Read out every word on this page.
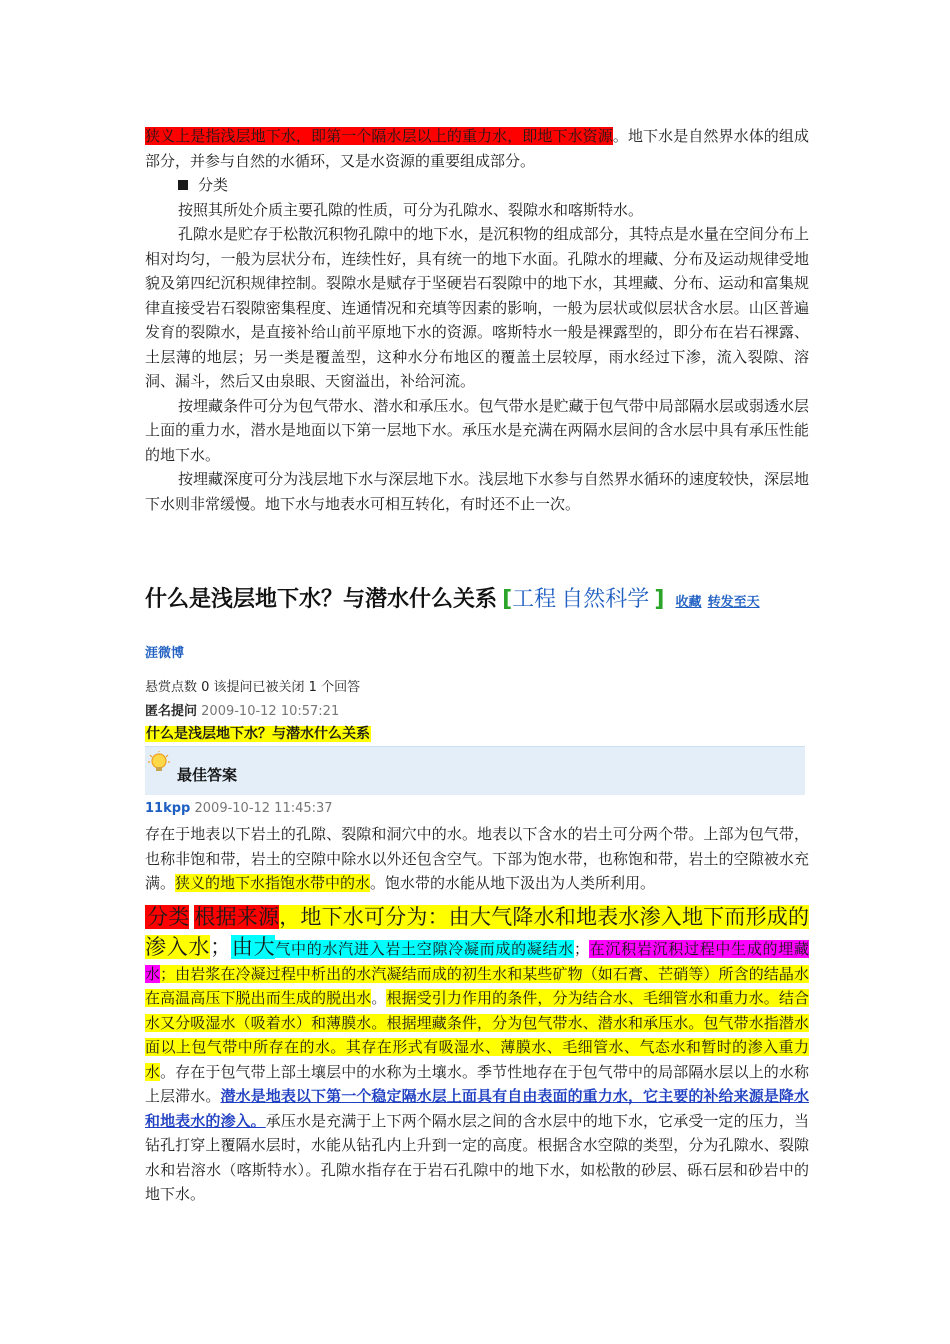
狭义上是指浅层地下水，即第一个隔水层以上的重力水，即地下水资源。地下水是自然界水体的组成部分，并参与自然的水循环，又是水资源的重要组成部分。

分类

按照其所处介质主要孔隙的性质，可分为孔隙水、裂隙水和喀斯特水。

孔隙水是贮存于松散沉积物孔隙中的地下水，是沉积物的组成部分，其特点是水量在空间分布上相对均匀，一般为层状分布，连续性好，具有统一的地下水面。孔隙水的埋藏、分布及运动规律受地貌及第四纪沉积规律控制。裂隙水是赋存于坚硬岩石裂隙中的地下水，其埋藏、分布、运动和富集规律直接受岩石裂隙密集程度、连通情况和充填等因素的影响，一般为层状或似层状含水层。山区普遍发育的裂隙水，是直接补给山前平原地下水的资源。喀斯特水一般是裸露型的，即分布在岩石裸露、土层薄的地层；另一类是覆盖型，这种水分布地区的覆盖土层较厚，雨水经过下渗，流入裂隙、溶洞、漏斗，然后又由泉眼、天窗溢出，补给河流。

按埋藏条件可分为包气带水、潜水和承压水。包气带水是贮藏于包气带中局部隔水层或弱透水层上面的重力水，潜水是地面以下第一层地下水。承压水是充满在两隔水层间的含水层中具有承压性能的地下水。

按埋藏深度可分为浅层地下水与深层地下水。浅层地下水参与自然界水循环的速度较快，深层地下水则非常缓慢。地下水与地表水可相互转化，有时还不止一次。

什么是浅层地下水？与潜水什么关系 [工程 自然科学 ] 收藏 转发至天
涯微博
悬赏点数 0 该提问已被关闭 1 个回答
匿名提问 2009-10-12 10:57:21
什么是浅层地下水？与潜水什么关系
最佳答案
11kpp 2009-10-12 11:45:37

存在于地表以下岩土的孔隙、裂隙和洞穴中的水。地表以下含水的岩土可分两个带。上部为包气带，也称非饱和带，岩土的空隙中除水以外还包含空气。下部为饱水带，也称饱和带，岩土的空隙被水充满。狭义的地下水指饱水带中的水。饱水带的水能从地下汲出为人类所利用。

分类 根据来源，地下水可分为：由大气降水和地表水渗入地下而形成的渗入水；由大气中的水汽进入岩土空隙冷凝而成的凝结水；在沉积岩沉积过程中生成的埋藏水；由岩浆在冷凝过程中析出的水汽凝结而成的初生水和某些矿物（如石膏、芒硝等）所含的结晶水在高温高压下脱出而生成的脱出水。根据受引力作用的条件，分为结合水、毛细管水和重力水。结合水又分吸湿水（吸着水）和薄膜水。根据埋藏条件，分为包气带水、潜水和承压水。包气带水指潜水面以上包气带中所存在的水。其存在形式有吸湿水、薄膜水、毛细管水、气态水和暂时的渗入重力水。存在于包气带上部土壤层中的水称为土壤水。季节性地存在于包气带中的局部隔水层以上的水称上层滞水。潜水是地表以下第一个稳定隔水层上面具有自由表面的重力水，它主要的补给来源是降水和地表水的渗入。承压水是充满于上下两个隔水层之间的含水层中的地下水，它承受一定的压力，当钻孔打穿上覆隔水层时，水能从钻孔内上升到一定的高度。根据含水空隙的类型，分为孔隙水、裂隙水和岩溶水（喀斯特水）。孔隙水指存在于岩石孔隙中的地下水，如松散的砂层、砾石层和砂岩中的地下水。
